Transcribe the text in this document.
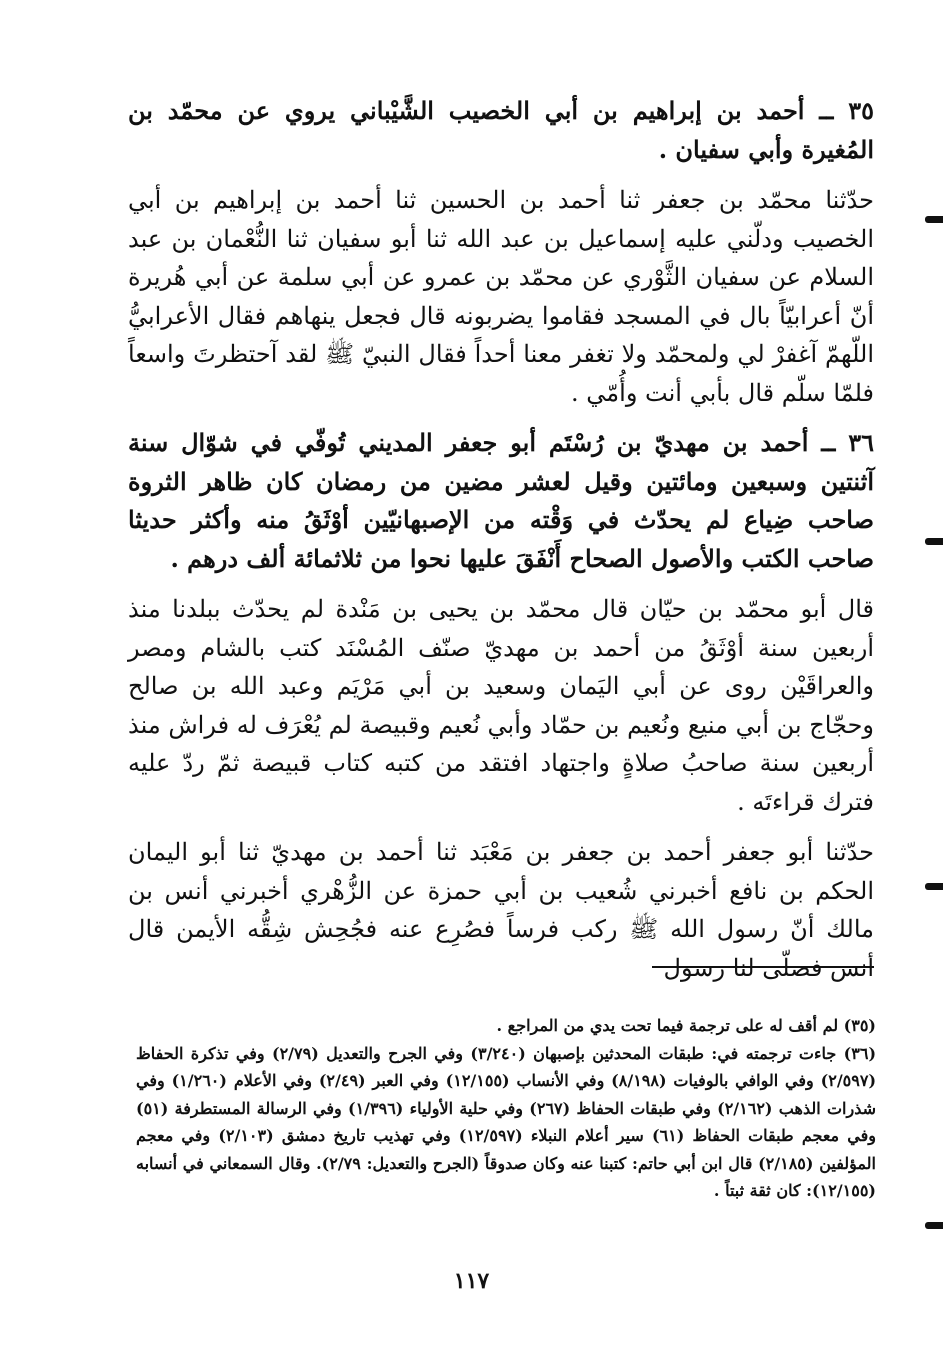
٣٥ ــ أحمد بن إبراهيم بن أبي الخصيب الشَّيْباني يروي عن محمّد بن المُغيرة وأبي سفيان .

حدّثنا محمّد بن جعفر ثنا أحمد بن الحسين ثنا أحمد بن إبراهيم بن أبي الخصيب ودلّني عليه إسماعيل بن عبد الله ثنا أبو سفيان ثنا النُّعْمان بن عبد السلام عن سفيان الثَّوْري عن محمّد بن عمرو عن أبي سلمة عن أبي هُريرة أنّ أعرابيّاً بال في المسجد فقاموا يضربونه قال فجعل ينهاهم فقال الأعرابيُّ اللّهمّ آغفرْ لي ولمحمّد ولا تغفر معنا أحداً فقال النبيّ ﷺ لقد آحتظرتَ واسعاً فلمّا سلّم قال بأبي أنت وأُمّي .

٣٦ ــ أحمد بن مهديّ بن رُسْتَم أبو جعفر المديني تُوفّي في شوّال سنة آثنتين وسبعين ومائتين وقيل لعشر مضين من رمضان كان ظاهر الثروة صاحب ضِياع لم يحدّث في وَقْته من الإصبهانيّين أوْثَقُ منه وأكثر حديثا صاحب الكتب والأصول الصحاح أَنْفَقَ عليها نحوا من ثلاثمائة ألف درهم .

قال أبو محمّد بن حيّان قال محمّد بن يحيى بن مَنْدة لم يحدّث ببلدنا منذ أربعين سنة أوْثَقُ من أحمد بن مهديّ صنّف المُسْنَد كتب بالشام ومصر والعراقَيْن روى عن أبي اليَمان وسعيد بن أبي مَرْيَم وعبد الله بن صالح وحجّاج بن أبي منيع ونُعيم بن حمّاد وأبي نُعيم وقبيصة لم يُعْرَف له فراش منذ أربعين سنة صاحبُ صلاةٍ واجتهاد افتقد من كتبه كتاب قبيصة ثمّ ردّ عليه فترك قراءتَه .

حدّثنا أبو جعفر أحمد بن جعفر بن مَعْبَد ثنا أحمد بن مهديّ ثنا أبو اليمان الحكم بن نافع أخبرني شُعيب بن أبي حمزة عن الزُّهْري أخبرني أنس بن مالك أنّ رسول الله ﷺ ركب فرساً فصُرِع عنه فجُحِش شِقُّه الأيمن قال أنس فصلّى لنا رسول

(٣٥) لم أقف له على ترجمة فيما تحت يدي من المراجع .

(٣٦) جاءت ترجمته في: طبقات المحدثين بإصبهان (٣/٢٤٠) وفي الجرح والتعديل (٢/٧٩) وفي تذكرة الحفاظ (٢/٥٩٧) وفي الوافي بالوفيات (٨/١٩٨) وفي الأنساب (١٢/١٥٥) وفي العبر (٢/٤٩) وفي الأعلام (١/٢٦٠) وفي شذرات الذهب (٢/١٦٢) وفي طبقات الحفاظ (٢٦٧) وفي حلية الأولياء (١/٣٩٦) وفي الرسالة المستطرفة (٥١) وفي معجم طبقات الحفاظ (٦١) سير أعلام النبلاء (١٢/٥٩٧) وفي تهذيب تاريخ دمشق (٢/١٠٣) وفي معجم المؤلفين (٢/١٨٥) قال ابن أبي حاتم: كتبنا عنه وكان صدوقاً (الجرح والتعديل: ٢/٧٩). وقال السمعاني في أنسابه (١٢/١٥٥): كان ثقة ثبتاً .

١١٧
